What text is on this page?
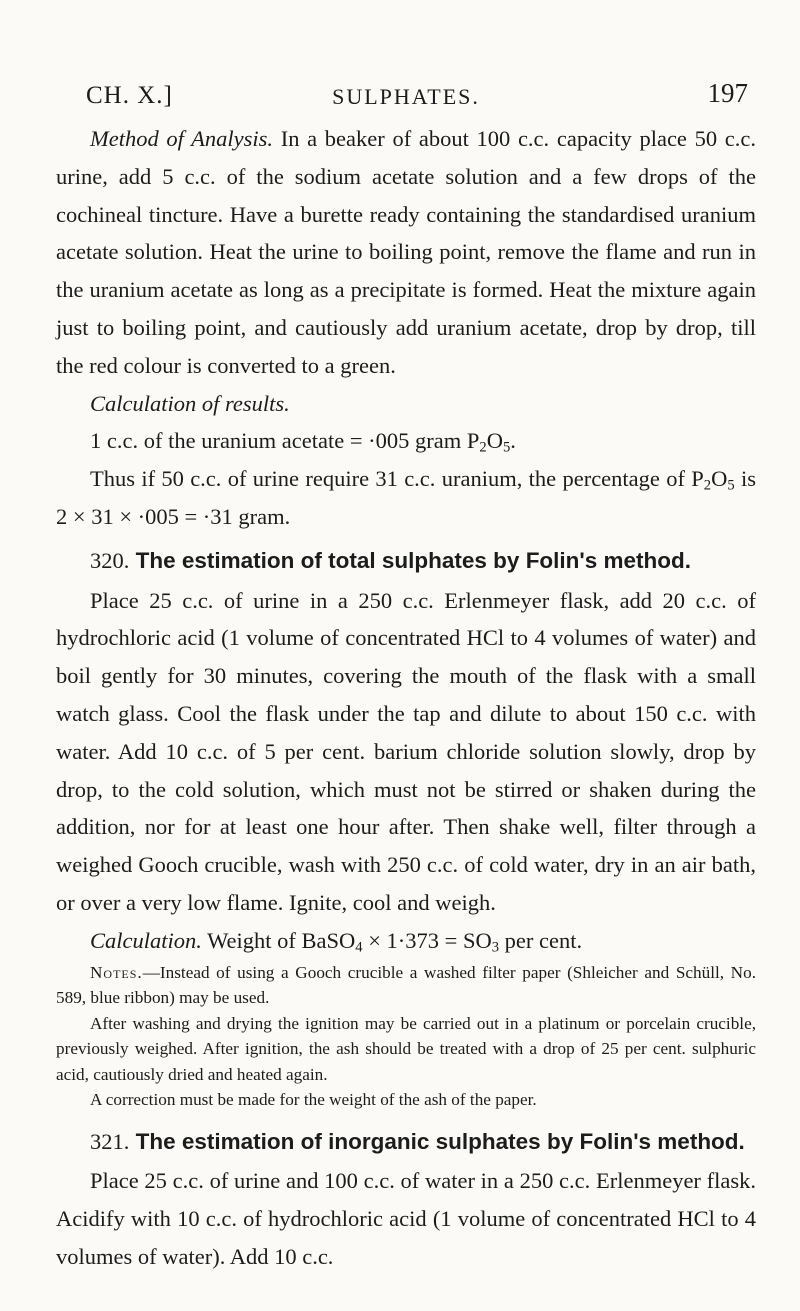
CH. X.]	SULPHATES.	197

Method of Analysis. In a beaker of about 100 c.c. capacity place 50 c.c. urine, add 5 c.c. of the sodium acetate solution and a few drops of the cochineal tincture. Have a burette ready containing the standardised uranium acetate solution. Heat the urine to boiling point, remove the flame and run in the uranium acetate as long as a precipitate is formed. Heat the mixture again just to boiling point, and cautiously add uranium acetate, drop by drop, till the red colour is converted to a green.

Calculation of results.

1 c.c. of the uranium acetate = ·005 gram $P_2O_5$.

Thus if 50 c.c. of urine require 31 c.c. uranium, the percentage of $P_2O_5$ is 2 × 31 × ·005 = ·31 gram.

320. The estimation of total sulphates by Folin's method.

Place 25 c.c. of urine in a 250 c.c. Erlenmeyer flask, add 20 c.c. of hydrochloric acid (1 volume of concentrated HCl to 4 volumes of water) and boil gently for 30 minutes, covering the mouth of the flask with a small watch glass. Cool the flask under the tap and dilute to about 150 c.c. with water. Add 10 c.c. of 5 per cent. barium chloride solution slowly, drop by drop, to the cold solution, which must not be stirred or shaken during the addition, nor for at least one hour after. Then shake well, filter through a weighed Gooch crucible, wash with 250 c.c. of cold water, dry in an air bath, or over a very low flame. Ignite, cool and weigh.

Calculation. Weight of BaSO$_4$ × $1\cdot 373 = SO_3$ per cent.

Notes.—Instead of using a Gooch crucible a washed filter paper (Shleicher and Schüll, No. 589, blue ribbon) may be used.

After washing and drying the ignition may be carried out in a platinum or porcelain crucible, previously weighed. After ignition, the ash should be treated with a drop of 25 per cent. sulphuric acid, cautiously dried and heated again.

A correction must be made for the weight of the ash of the paper.

321. The estimation of inorganic sulphates by Folin's method.

Place 25 c.c. of urine and 100 c.c. of water in a 250 c.c. Erlenmeyer flask. Acidify with 10 c.c. of hydrochloric acid (1 volume of concentrated HCl to 4 volumes of water). Add 10 c.c.
